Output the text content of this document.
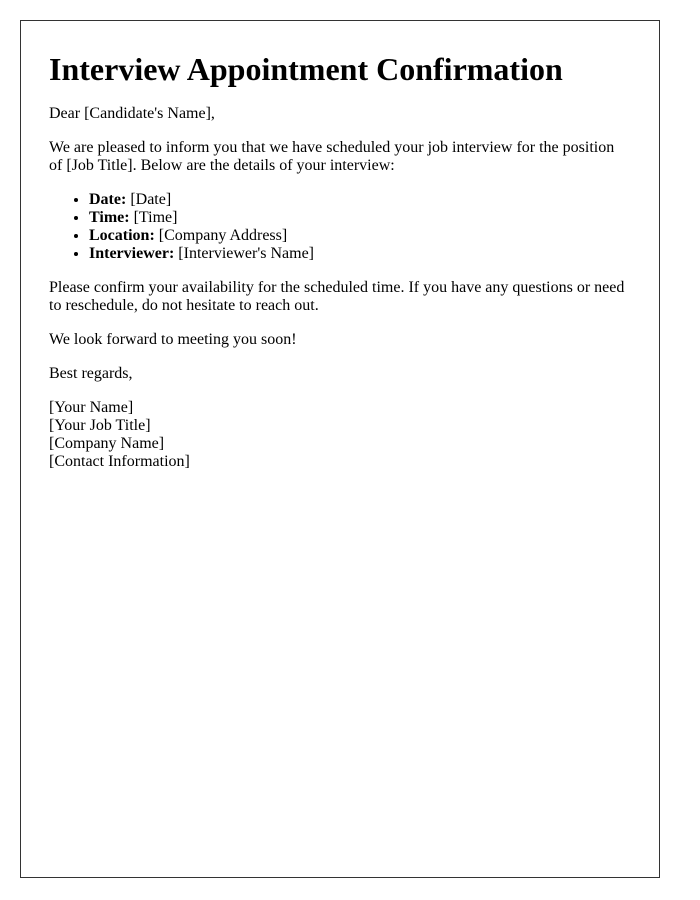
Interview Appointment Confirmation

Dear [Candidate's Name],

We are pleased to inform you that we have scheduled your job interview for the position of [Job Title]. Below are the details of your interview:

• Date: [Date]
• Time: [Time]
• Location: [Company Address]
• Interviewer: [Interviewer's Name]

Please confirm your availability for the scheduled time. If you have any questions or need to reschedule, do not hesitate to reach out.

We look forward to meeting you soon!

Best regards,

[Your Name]
[Your Job Title]
[Company Name]
[Contact Information]
